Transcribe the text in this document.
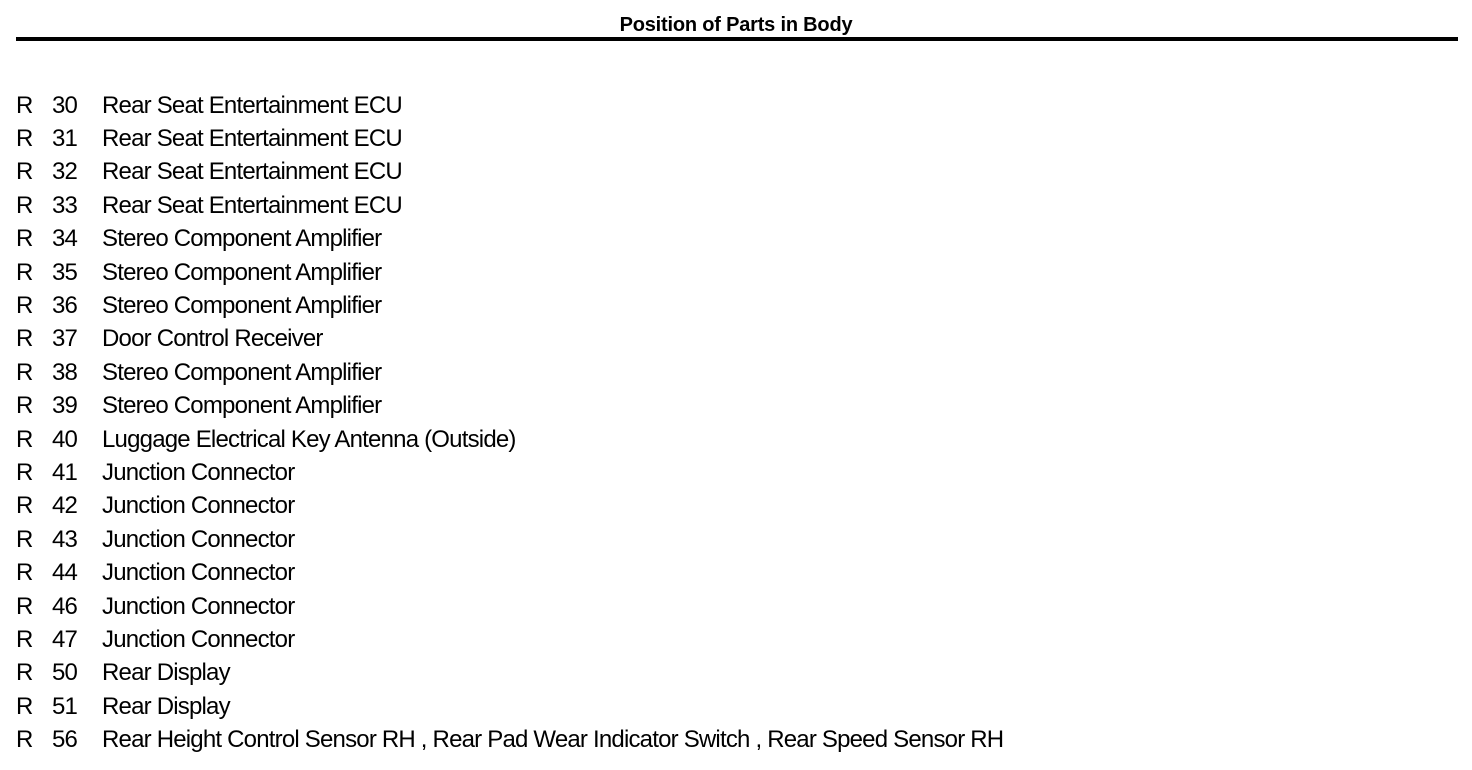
Position of Parts in Body
R 30	Rear Seat Entertainment ECU
R 31	Rear Seat Entertainment ECU
R 32	Rear Seat Entertainment ECU
R 33	Rear Seat Entertainment ECU
R 34	Stereo Component Amplifier
R 35	Stereo Component Amplifier
R 36	Stereo Component Amplifier
R 37	Door Control Receiver
R 38	Stereo Component Amplifier
R 39	Stereo Component Amplifier
R 40	Luggage Electrical Key Antenna (Outside)
R 41	Junction Connector
R 42	Junction Connector
R 43	Junction Connector
R 44	Junction Connector
R 46	Junction Connector
R 47	Junction Connector
R 50	Rear Display
R 51	Rear Display
R 56	Rear Height Control Sensor RH , Rear Pad Wear Indicator Switch , Rear Speed Sensor RH
